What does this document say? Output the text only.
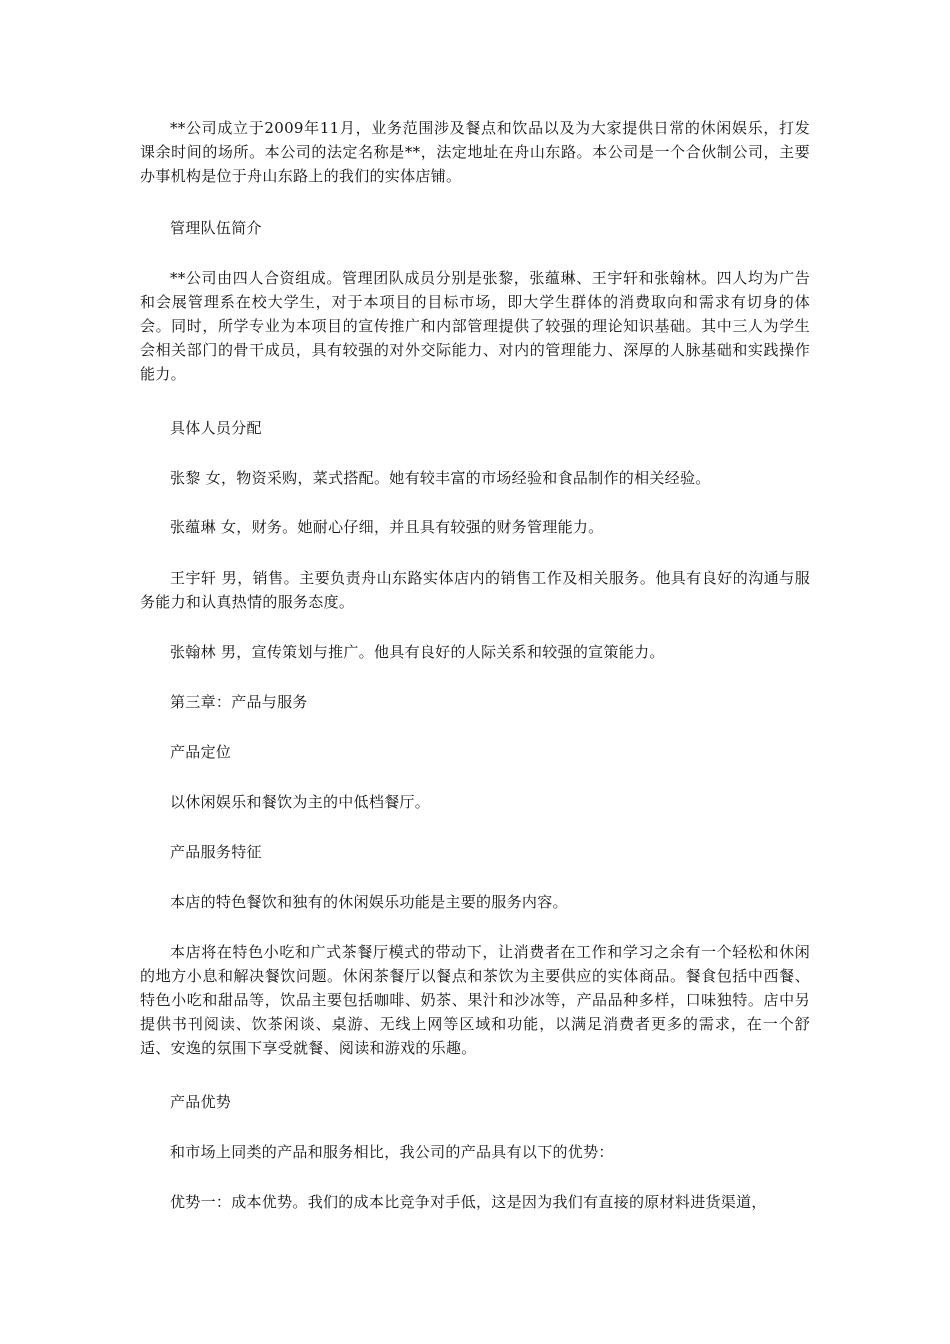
**公司成立于2009年11月，业务范围涉及餐点和饮品以及为大家提供日常的休闲娱乐，打发课余时间的场所。本公司的法定名称是**，法定地址在舟山东路。本公司是一个合伙制公司，主要办事机构是位于舟山东路上的我们的实体店铺。

管理队伍简介

**公司由四人合资组成。管理团队成员分别是张黎，张蕴琳、王宇轩和张翰林。四人均为广告和会展管理系在校大学生，对于本项目的目标市场，即大学生群体的消费取向和需求有切身的体会。同时，所学专业为本项目的宣传推广和内部管理提供了较强的理论知识基础。其中三人为学生会相关部门的骨干成员，具有较强的对外交际能力、对内的管理能力、深厚的人脉基础和实践操作能力。

具体人员分配

张黎 女，物资采购，菜式搭配。她有较丰富的市场经验和食品制作的相关经验。

张蕴琳 女，财务。她耐心仔细，并且具有较强的财务管理能力。

王宇轩 男，销售。主要负责舟山东路实体店内的销售工作及相关服务。他具有良好的沟通与服务能力和认真热情的服务态度。

张翰林 男，宣传策划与推广。他具有良好的人际关系和较强的宣策能力。

第三章：产品与服务

产品定位

以休闲娱乐和餐饮为主的中低档餐厅。

产品服务特征

本店的特色餐饮和独有的休闲娱乐功能是主要的服务内容。

本店将在特色小吃和广式茶餐厅模式的带动下，让消费者在工作和学习之余有一个轻松和休闲的地方小息和解决餐饮问题。休闲茶餐厅以餐点和茶饮为主要供应的实体商品。餐食包括中西餐、特色小吃和甜品等，饮品主要包括咖啡、奶茶、果汁和沙冰等，产品品种多样，口味独特。店中另提供书刊阅读、饮茶闲谈、桌游、无线上网等区域和功能，以满足消费者更多的需求，在一个舒适、安逸的氛围下享受就餐、阅读和游戏的乐趣。

产品优势

和市场上同类的产品和服务相比，我公司的产品具有以下的优势：

优势一：成本优势。我们的成本比竞争对手低，这是因为我们有直接的原材料进货渠道，
